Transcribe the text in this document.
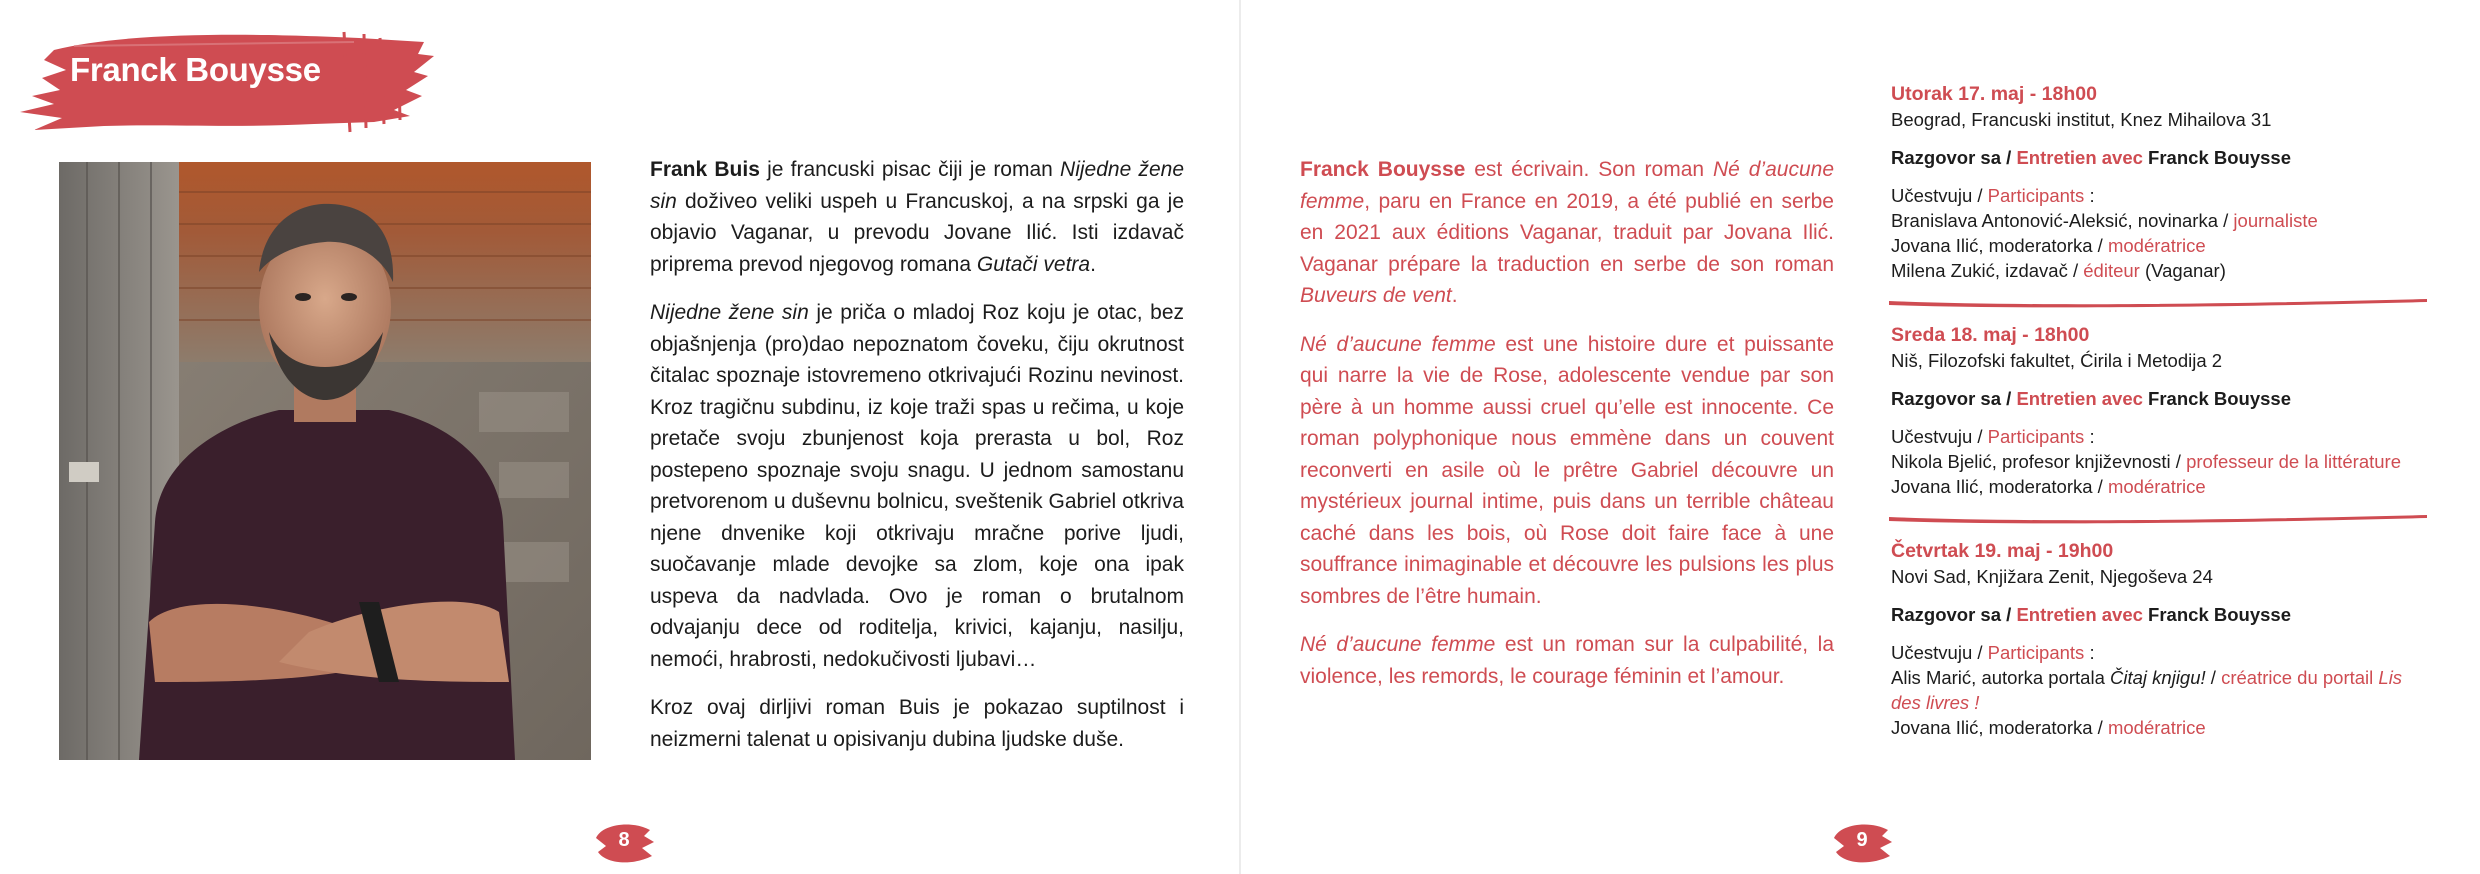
Franck Bouysse

Frank Buis je francuski pisac čiji je roman Nijedne žene sin doživeo veliki uspeh u Francuskoj, a na srpski ga je objavio Vaganar, u prevodu Jovane Ilić. Isti izdavač priprema prevod njegovog romana Gutači vetra.

Nijedne žene sin je priča o mladoj Roz koju je otac, bez objašnjenja (pro)dao nepoznatom čoveku, čiju okrutnost čitalac spoznaje istovremeno otkrivajući Rozinu nevinost. Kroz tragičnu subdinu, iz koje traži spas u rečima, u koje pretače svoju zbunjenost koja prerasta u bol, Roz postepeno spoznaje svoju snagu. U jednom samostanu pretvorenom u duševnu bolnicu, sveštenik Gabriel otkriva njene dnvenike koji otkrivaju mračne porive ljudi, suočavanje mlade devojke sa zlom, koje ona ipak uspeva da nadvlada. Ovo je roman o brutalnom odvajanju dece od roditelja, krivici, kajanju, nasilju, nemoći, hrabrosti, nedokučivosti ljubavi…

Kroz ovaj dirljivi roman Buis je pokazao suptilnost i neizmerni talenat u opisivanju dubina ljudske duše.

8

Franck Bouysse est écrivain. Son roman Né d’aucune femme, paru en France en 2019, a été publié en serbe en 2021 aux éditions Vaganar, traduit par Jovana Ilić. Vaganar prépare la traduction en serbe de son roman Buveurs de vent.

Né d’aucune femme est une histoire dure et puissante qui narre la vie de Rose, adolescente vendue par son père à un homme aussi cruel qu’elle est innocente. Ce roman polyphonique nous emmène dans un couvent reconverti en asile où le prêtre Gabriel découvre un mystérieux journal intime, puis dans un terrible château caché dans les bois, où Rose doit faire face à une souffrance inimaginable et découvre les pulsions les plus sombres de l’être humain.

Né d’aucune femme est un roman sur la culpabilité, la violence, les remords, le courage féminin et l’amour.

Utorak 17. maj - 18h00
Beograd, Francuski institut, Knez Mihailova 31
Razgovor sa / Entretien avec Franck Bouysse
Učestvuju / Participants :
Branislava Antonović-Aleksić, novinarka / journaliste
Jovana Ilić, moderatorka / modératrice
Milena Zukić, izdavač / éditeur (Vaganar)
Sreda 18. maj - 18h00
Niš, Filozofski fakultet, Ćirila i Metodija 2
Razgovor sa / Entretien avec Franck Bouysse
Učestvuju / Participants :
Nikola Bjelić, profesor književnosti / professeur de la littérature
Jovana Ilić, moderatorka / modératrice
Četvrtak 19. maj - 19h00
Novi Sad, Knjižara Zenit, Njegoševa 24
Razgovor sa / Entretien avec Franck Bouysse
Učestvuju / Participants :
Alis Marić, autorka portala Čitaj knjigu! / créatrice du portail Lis des livres !
Jovana Ilić, moderatorka / modératrice
9
